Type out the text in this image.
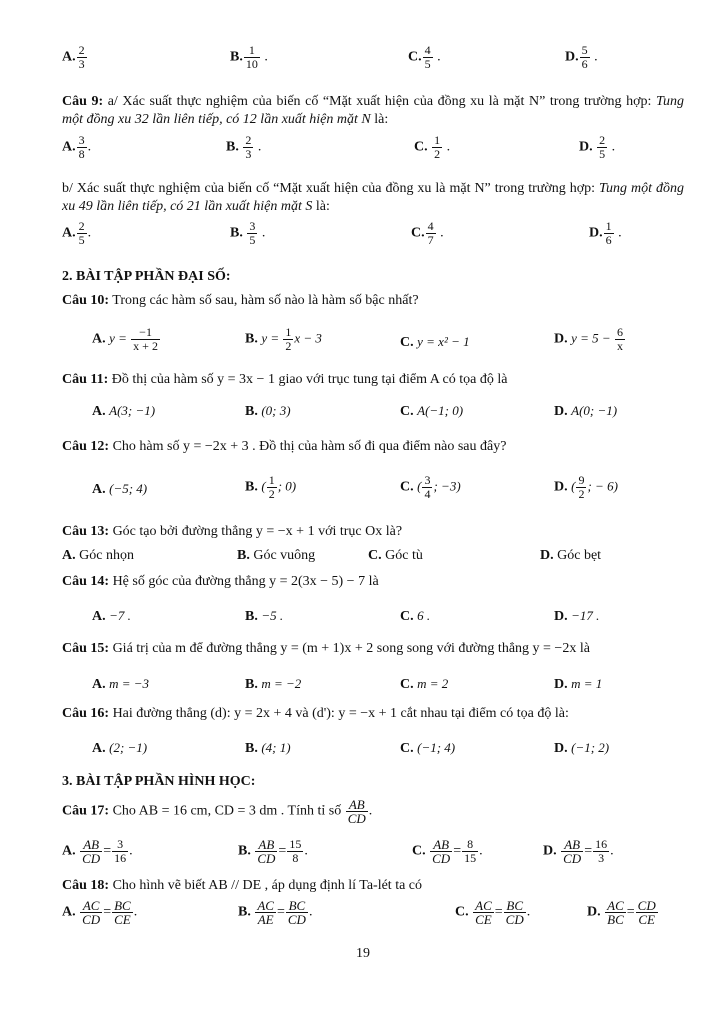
A. $\frac{2}{3}$	B. $\frac{1}{10}$ .	C. $\frac{4}{5}$ .	D. $\frac{5}{6}$ .
Câu 9: a/ Xác suất thực nghiệm của biến cố “Mặt xuất hiện của đồng xu là mặt N” trong trường hợp: Tung một đồng xu 32 lần liên tiếp, có 12 lần xuất hiện mặt N là:
A. $\frac{3}{8}$ .	B. $\frac{2}{3}$ .	C. $\frac{1}{2}$ .	D. $\frac{2}{5}$ .
b/ Xác suất thực nghiệm của biến cố “Mặt xuất hiện của đồng xu là mặt N” trong trường hợp: Tung một đồng xu 49 lần liên tiếp, có 21 lần xuất hiện mặt S là:
A. $\frac{2}{5}$ .	B. $\frac{3}{5}$ .	C. $\frac{4}{7}$ .	D. $\frac{1}{6}$ .
2. BÀI TẬP PHẦN ĐẠI SỐ:
Câu 10: Trong các hàm số sau, hàm số nào là hàm số bậc nhất?
A. $y = \frac{-1}{x + 2}$	B. $y = \frac{1}{2}$ x − 3	C. y = x² − 1	D. $y = 5 - \frac{6}{x}$
Câu 11: Đồ thị của hàm số y = 3x − 1 giao với trục tung tại điểm A có tọa độ là
A. A(3; −1)	B. (0; 3)	C. A(−1; 0)	D. A(0; −1)
Câu 12: Cho hàm số y = −2x + 3 . Đồ thị của hàm số đi qua điểm nào sau đây?
A. (−5; 4)	B. ( $\frac{1}{2}$ ; 0)	C. ( $\frac{3}{4}$ ; −3)	D. ( $\frac{9}{2}$ ; − 6)
Câu 13: Góc tạo bởi đường thẳng y = −x + 1 với trục Ox là?
A. Góc nhọn	B. Góc vuông	C. Góc tù	D. Góc bẹt
Câu 14: Hệ số góc của đường thẳng y = 2(3x − 5) − 7 là
A. −7 .	B. −5 .	C. 6 .	D. −17 .
Câu 15: Giá trị của m để đường thẳng y = (m + 1)x + 2 song song với đường thẳng y = −2x là
A. m = −3	B. m = −2	C. m = 2	D. m = 1
Câu 16: Hai đường thẳng (d): y = 2x + 4 và (d'): y = −x + 1 cắt nhau tại điểm có tọa độ là:
A. (2; −1)	B. (4; 1)	C. (−1; 4)	D. (−1; 2)
3. BÀI TẬP PHẦN HÌNH HỌC:
Câu 17: Cho AB = 16 cm, CD = 3 dm . Tính tỉ số $\frac{AB}{CD}$ .
A. $\frac{AB}{CD} = \frac{3}{16}$ .	B. $\frac{AB}{CD} = \frac{15}{8}$ .	C. $\frac{AB}{CD} = \frac{8}{15}$ .	D. $\frac{AB}{CD} = \frac{16}{3}$ .
Câu 18: Cho hình vẽ biết AB // DE , áp dụng định lí Ta-lét ta có
A. $\frac{AC}{CD} = \frac{BC}{CE}$ .	B. $\frac{AC}{AE} = \frac{BC}{CD}$ .	C. $\frac{AC}{CE} = \frac{BC}{CD}$ .	D. $\frac{AC}{BC} = \frac{CD}{CE}$
19
